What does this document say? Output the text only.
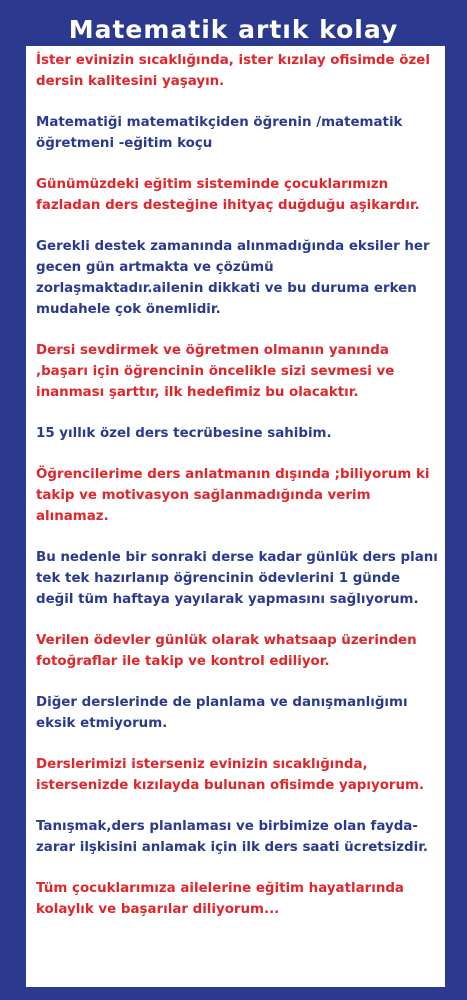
Matematik artık kolay

İster evinizin sıcaklığında, ister kızılay ofisimde özel dersin kalitesini yaşayın.

Matematiği matematikçiden öğrenin /matematik öğretmeni -eğitim koçu

Günümüzdeki eğitim sisteminde çocuklarımızn fazladan ders desteğine ihityaç duğduğu aşikardır.

Gerekli destek zamanında alınmadığında eksiler her gecen gün artmakta ve çözümü zorlaşmaktadır.ailenin dikkati ve bu duruma erken mudahele çok önemlidir.

Dersi sevdirmek ve öğretmen olmanın yanında ,başarı için öğrencinin öncelikle sizi sevmesi ve inanması şarttır, ilk hedefimiz bu olacaktır.

15 yıllık özel ders tecrübesine sahibim.

Öğrencilerime ders anlatmanın dışında ;biliyorum ki takip ve motivasyon sağlanmadığında verim alınamaz.

Bu nedenle bir sonraki derse kadar günlük ders planı tek tek hazırlanıp öğrencinin ödevlerini 1 günde değil tüm haftaya yayılarak yapmasını sağlıyorum.

Verilen ödevler günlük olarak whatsaap üzerinden fotoğraflar ile takip ve kontrol ediliyor.

Diğer derslerinde de planlama ve danışmanlığımı eksik etmiyorum.

Derslerimizi isterseniz evinizin sıcaklığında, istersenizde kızılayda bulunan ofisimde yapıyorum.

Tanışmak,ders planlaması ve birbimize olan fayda-zarar ilşkisini anlamak için ilk ders saati ücretsizdir.

Tüm çocuklarımıza ailelerine eğitim hayatlarında kolaylık ve başarılar diliyorum...
